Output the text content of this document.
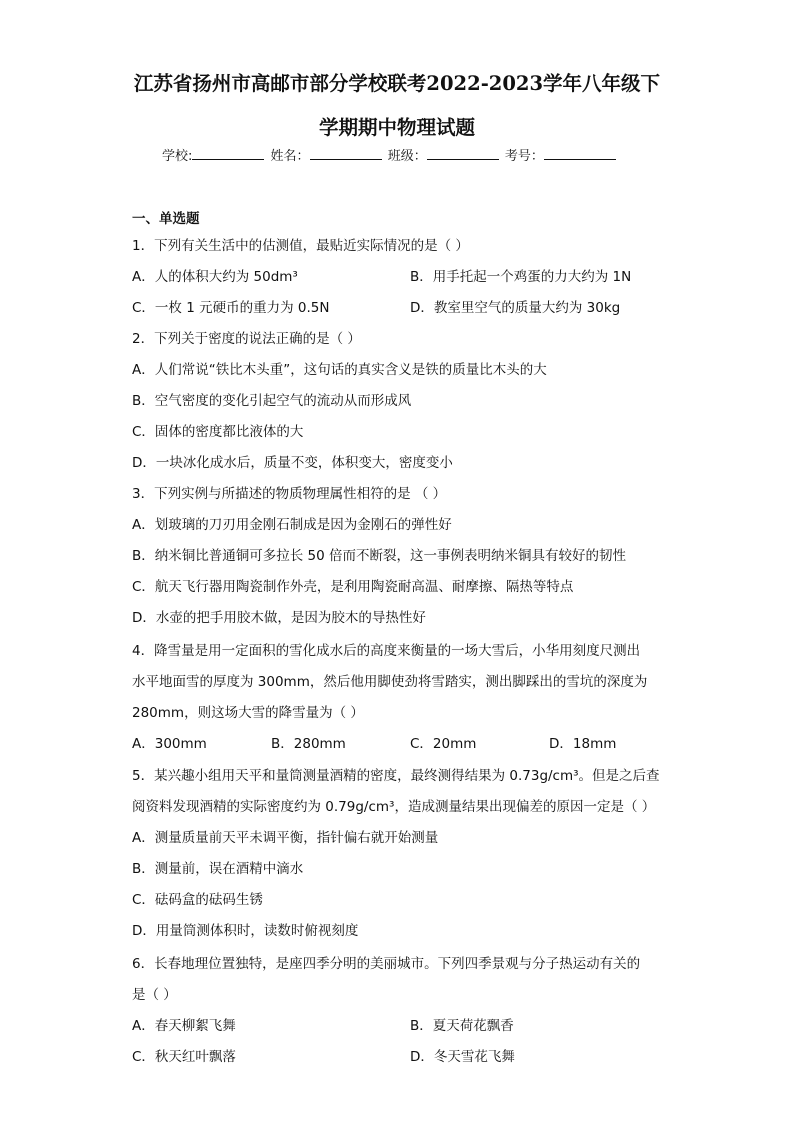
江苏省扬州市高邮市部分学校联考2022-2023学年八年级下
学期期中物理试题
学校:	姓名：	班级：	考号：
一、单选题
1．下列有关生活中的估测值，最贴近实际情况的是（ ）
A．人的体积大约为 50dm³	B．用手托起一个鸡蛋的力大约为 1N
C．一枚 1 元硬币的重力为 0.5N	D．教室里空气的质量大约为 30kg
2．下列关于密度的说法正确的是（ ）
A．人们常说“铁比木头重”，这句话的真实含义是铁的质量比木头的大
B．空气密度的变化引起空气的流动从而形成风
C．固体的密度都比液体的大
D．一块冰化成水后，质量不变，体积变大，密度变小
3．下列实例与所描述的物质物理属性相符的是 （ ）
A．划玻璃的刀刃用金刚石制成是因为金刚石的弹性好
B．纳米铜比普通铜可多拉长 50 倍而不断裂，这一事例表明纳米铜具有较好的韧性
C．航天飞行器用陶瓷制作外壳，是利用陶瓷耐高温、耐摩擦、隔热等特点
D．水壶的把手用胶木做，是因为胶木的导热性好
4．降雪量是用一定面积的雪化成水后的高度来衡量的一场大雪后，小华用刻度尺测出
水平地面雪的厚度为 300mm，然后他用脚使劲将雪踏实，测出脚踩出的雪坑的深度为
280mm，则这场大雪的降雪量为（ ）
A．300mm	B．280mm	C．20mm	D．18mm
5．某兴趣小组用天平和量筒测量酒精的密度，最终测得结果为 0.73g/cm³。但是之后查
阅资料发现酒精的实际密度约为 0.79g/cm³，造成测量结果出现偏差的原因一定是（ ）
A．测量质量前天平未调平衡，指针偏右就开始测量
B．测量前，误在酒精中滴水
C．砝码盒的砝码生锈
D．用量筒测体积时，读数时俯视刻度
6．长春地理位置独特，是座四季分明的美丽城市。下列四季景观与分子热运动有关的
是（ ）
A．春天柳絮飞舞	B．夏天荷花飘香
C．秋天红叶飘落	D．冬天雪花飞舞
